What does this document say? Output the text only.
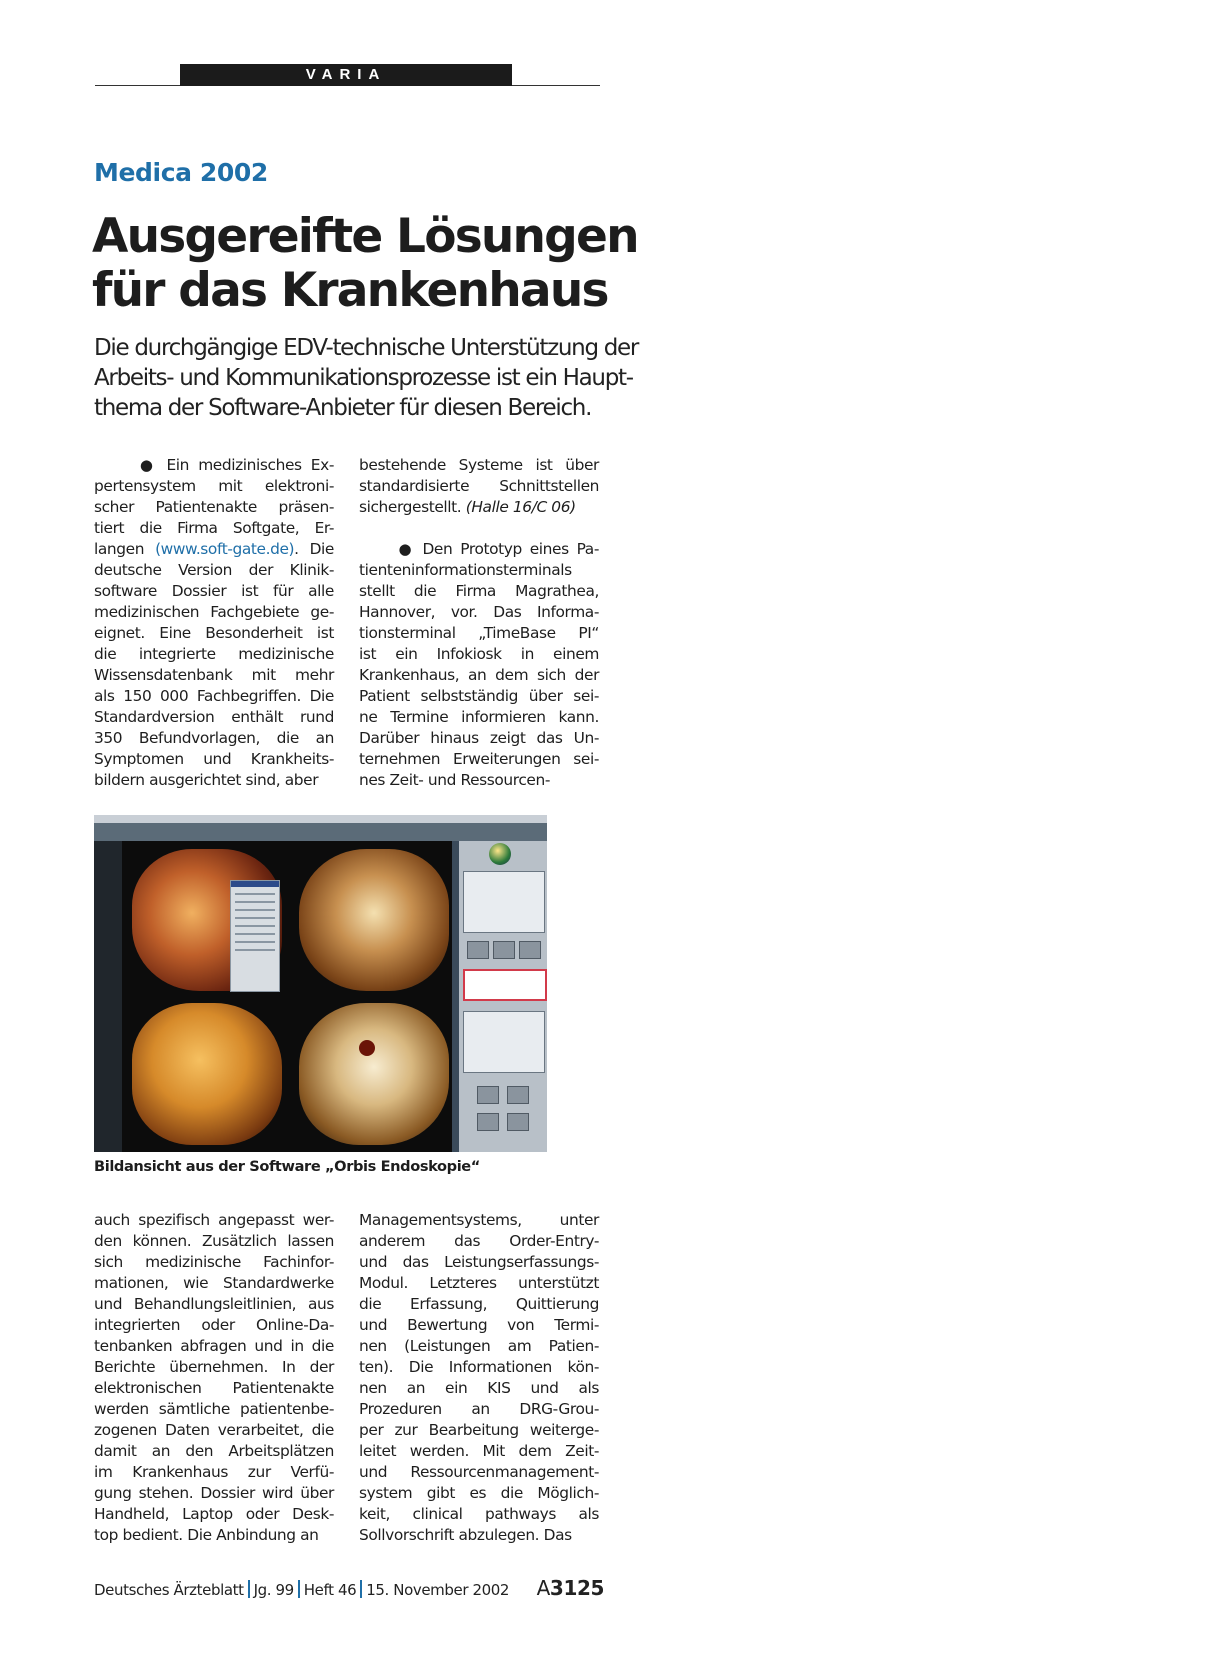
VARIA
Medica 2002
Ausgereifte Lösungen
für das Krankenhaus

Die durchgängige EDV-technische Unterstützung der
Arbeits- und Kommunikationsprozesse ist ein Haupt-
thema der Software-Anbieter für diesen Bereich.

● Ein medizinisches Ex-
pertensystem mit elektroni-
scher Patientenakte präsen-
tiert die Firma Softgate, Er-
langen (www.soft-gate.de). Die
deutsche Version der Klinik-
software Dossier ist für alle
medizinischen Fachgebiete ge-
eignet. Eine Besonderheit ist
die integrierte medizinische
Wissensdatenbank mit mehr
als 150 000 Fachbegriffen. Die
Standardversion enthält rund
350 Befundvorlagen, die an
Symptomen und Krankheits-
bildern ausgerichtet sind, aber
bestehende Systeme ist über
standardisierte Schnittstellen
sichergestellt. (Halle 16/C 06)
● Den Prototyp eines Pa-
tienteninformationsterminals
stellt die Firma Magrathea,
Hannover, vor. Das Informa-
tionsterminal „TimeBase PI“
ist ein Infokiosk in einem
Krankenhaus, an dem sich der
Patient selbstständig über sei-
ne Termine informieren kann.
Darüber hinaus zeigt das Un-
ternehmen Erweiterungen sei-
nes Zeit- und Ressourcen-
Bildansicht aus der Software „Orbis Endoskopie“
auch spezifisch angepasst wer-
den können. Zusätzlich lassen
sich medizinische Fachinfor-
mationen, wie Standardwerke
und Behandlungsleitlinien, aus
integrierten oder Online-Da-
tenbanken abfragen und in die
Berichte übernehmen. In der
elektronischen Patientenakte
werden sämtliche patientenbe-
zogenen Daten verarbeitet, die
damit an den Arbeitsplätzen
im Krankenhaus zur Verfü-
gung stehen. Dossier wird über
Handheld, Laptop oder Desk-
top bedient. Die Anbindung an
Managementsystems, unter
anderem das Order-Entry-
und das Leistungserfassungs-
Modul. Letzteres unterstützt
die Erfassung, Quittierung
und Bewertung von Termi-
nen (Leistungen am Patien-
ten). Die Informationen kön-
nen an ein KIS und als
Prozeduren an DRG-Grou-
per zur Bearbeitung weiterge-
leitet werden. Mit dem Zeit-
und Ressourcenmanagement-
system gibt es die Möglich-
keit, clinical pathways als
Sollvorschrift abzulegen. Das
Deutsches Ärzteblatt Jg. 99 Heft 46 15. November 2002 A3125
